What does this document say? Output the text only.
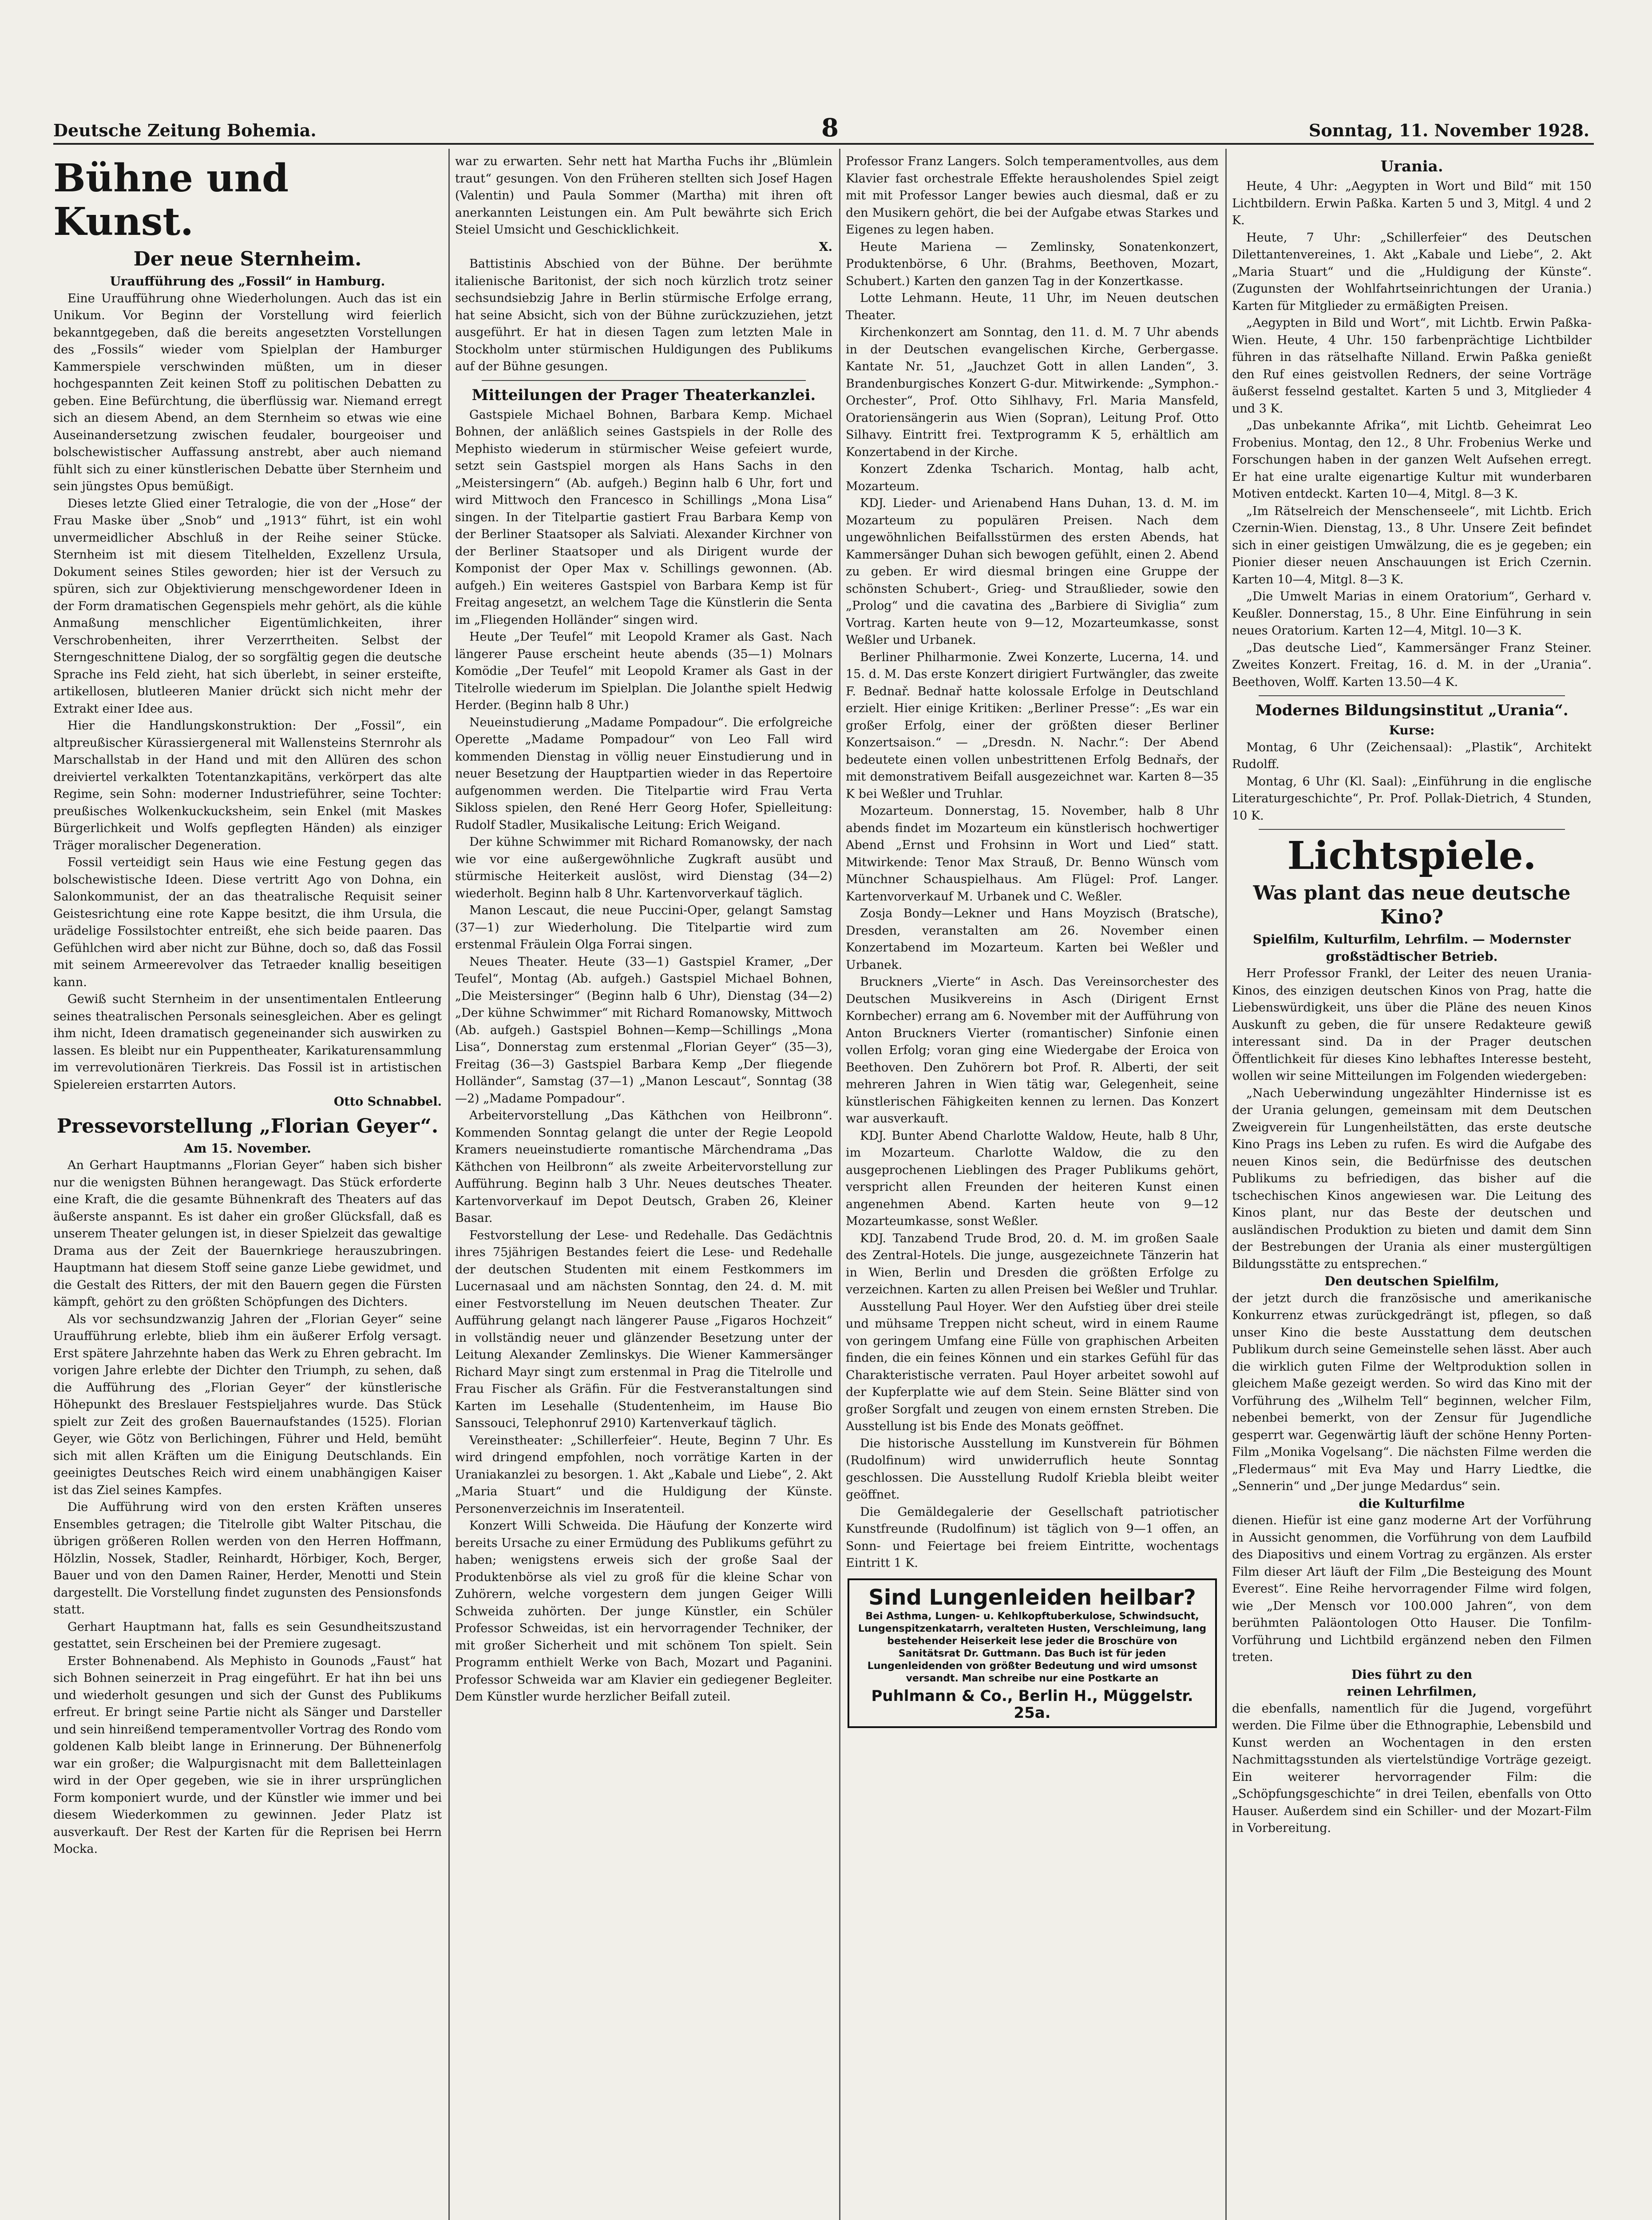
Deutsche Zeitung Bohemia.	8	Sonntag, 11. November 1928.
Bühne und Kunst.
Der neue Sternheim.
Uraufführung des „Fossil“ in Hamburg.

Eine Uraufführung ohne Wiederholungen. Auch das ist ein Unikum. Vor Beginn der Vorstellung wird feierlich bekanntgegeben, daß die bereits angesetzten Vorstellungen des „Fossils“ wieder vom Spielplan der Hamburger Kammerspiele verschwinden müßten, um in dieser hochgespannten Zeit keinen Stoff zu politischen Debatten zu geben. Eine Befürchtung, die überflüssig war. Niemand erregt sich an diesem Abend, an dem Sternheim so etwas wie eine Auseinandersetzung zwischen feudaler, bourgeoiser und bolschewistischer Auffassung anstrebt, aber auch niemand fühlt sich zu einer künstlerischen Debatte über Sternheim und sein jüngstes Opus bemüßigt.

Dieses letzte Glied einer Tetralogie, die von der „Hose“ der Frau Maske über „Snob“ und „1913“ führt, ist ein wohl unvermeidlicher Abschluß in der Reihe seiner Stücke. Sternheim ist mit diesem Titelhelden, Exzellenz Ursula, Dokument seines Stiles geworden; hier ist der Versuch zu spüren, sich zur Objektivierung menschgewordener Ideen in der Form dramatischen Gegenspiels mehr gehört, als die kühle Anmaßung menschlicher Eigentümlichkeiten, ihrer Verschrobenheiten, ihrer Verzerrtheiten. Selbst der Sterngeschnittene Dialog, der so sorgfältig gegen die deutsche Sprache ins Feld zieht, hat sich überlebt, in seiner ersteifte, artikellosen, blutleeren Manier drückt sich nicht mehr der Extrakt einer Idee aus.

Hier die Handlungskonstruktion: Der „Fossil“, ein altpreußischer Kürassiergeneral mit Wallensteins Sternrohr als Marschallstab in der Hand und mit den Allüren des schon dreiviertel verkalkten Totentanzkapitäns, verkörpert das alte Regime, sein Sohn: moderner Industrieführer, seine Tochter: preußisches Wolkenkuckucksheim, sein Enkel (mit Maskes Bürgerlichkeit und Wolfs gepflegten Händen) als einziger Träger moralischer Degeneration.

Fossil verteidigt sein Haus wie eine Festung gegen das bolschewistische Ideen. Diese vertritt Ago von Dohna, ein Salonkommunist, der an das theatralische Requisit seiner Geistesrichtung eine rote Kappe besitzt, die ihm Ursula, die urädelige Fossilstochter entreißt, ehe sich beide paaren. Das Gefühlchen wird aber nicht zur Bühne, doch so, daß das Fossil mit seinem Armeerevolver das Tetraeder knallig beseitigen kann.

Gewiß sucht Sternheim in der unsentimentalen Entleerung seines theatralischen Personals seinesgleichen. Aber es gelingt ihm nicht, Ideen dramatisch gegeneinander sich auswirken zu lassen. Es bleibt nur ein Puppentheater, Karikaturensammlung im verrevolutionären Tierkreis. Das Fossil ist in artistischen Spielereien erstarrten Autors.

Otto Schnabbel.
Pressevorstellung „Florian Geyer“.
Am 15. November.

An Gerhart Hauptmanns „Florian Geyer“ haben sich bisher nur die wenigsten Bühnen herangewagt. Das Stück erforderte eine Kraft, die die gesamte Bühnenkraft des Theaters auf das äußerste anspannt. Es ist daher ein großer Glücksfall, daß es unserem Theater gelungen ist, in dieser Spielzeit das gewaltige Drama aus der Zeit der Bauernkriege herauszubringen. Hauptmann hat diesem Stoff seine ganze Liebe gewidmet, und die Gestalt des Ritters, der mit den Bauern gegen die Fürsten kämpft, gehört zu den größten Schöpfungen des Dichters.

Als vor sechsundzwanzig Jahren der „Florian Geyer“ seine Uraufführung erlebte, blieb ihm ein äußerer Erfolg versagt. Erst spätere Jahrzehnte haben das Werk zu Ehren gebracht. Im vorigen Jahre erlebte der Dichter den Triumph, zu sehen, daß die Aufführung des „Florian Geyer“ der künstlerische Höhepunkt des Breslauer Festspieljahres wurde. Das Stück spielt zur Zeit des großen Bauernaufstandes (1525). Florian Geyer, wie Götz von Berlichingen, Führer und Held, bemüht sich mit allen Kräften um die Einigung Deutschlands. Ein geeinigtes Deutsches Reich wird einem unabhängigen Kaiser ist das Ziel seines Kampfes.

Die Aufführung wird von den ersten Kräften unseres Ensembles getragen; die Titelrolle gibt Walter Pitschau, die übrigen größeren Rollen werden von den Herren Hoffmann, Hölzlin, Nossek, Stadler, Reinhardt, Hörbiger, Koch, Berger, Bauer und von den Damen Rainer, Herder, Menotti und Stein dargestellt. Die Vorstellung findet zugunsten des Pensionsfonds statt.

Gerhart Hauptmann hat, falls es sein Gesundheitszustand gestattet, sein Erscheinen bei der Premiere zugesagt.

Erster Bohnenabend. Als Mephisto in Gounods „Faust“ hat sich Bohnen seinerzeit in Prag eingeführt. Er hat ihn bei uns und wiederholt gesungen und sich der Gunst des Publikums erfreut. Er bringt seine Partie nicht als Sänger und Darsteller und sein hinreißend temperamentvoller Vortrag des Rondo vom goldenen Kalb bleibt lange in Erinnerung. Der Bühnenerfolg war ein großer; die Walpurgisnacht mit dem Balletteinlagen wird in der Oper gegeben, wie sie in ihrer ursprünglichen Form komponiert wurde, und der Künstler wie immer und bei diesem Wiederkommen zu gewinnen. Jeder Platz ist ausverkauft. Der Rest der Karten für die Reprisen bei Herrn Mocka.

war zu erwarten. Sehr nett hat Martha Fuchs ihr „Blümlein traut“ gesungen. Von den Früheren stellten sich Josef Hagen (Valentin) und Paula Sommer (Martha) mit ihren oft anerkannten Leistungen ein. Am Pult bewährte sich Erich Steiel Umsicht und Geschicklichkeit.

X.

Battistinis Abschied von der Bühne. Der berühmte italienische Baritonist, der sich noch kürzlich trotz seiner sechsundsiebzig Jahre in Berlin stürmische Erfolge errang, hat seine Absicht, sich von der Bühne zurückzuziehen, jetzt ausgeführt. Er hat in diesen Tagen zum letzten Male in Stockholm unter stürmischen Huldigungen des Publikums auf der Bühne gesungen.

Mitteilungen der Prager Theaterkanzlei.

Gastspiele Michael Bohnen, Barbara Kemp. Michael Bohnen, der anläßlich seines Gastspiels in der Rolle des Mephisto wiederum in stürmischer Weise gefeiert wurde, setzt sein Gastspiel morgen als Hans Sachs in den „Meistersingern“ (Ab. aufgeh.) Beginn halb 6 Uhr, fort und wird Mittwoch den Francesco in Schillings „Mona Lisa“ singen. In der Titelpartie gastiert Frau Barbara Kemp von der Berliner Staatsoper als Salviati. Alexander Kirchner von der Berliner Staatsoper und als Dirigent wurde der Komponist der Oper Max v. Schillings gewonnen. (Ab. aufgeh.) Ein weiteres Gastspiel von Barbara Kemp ist für Freitag angesetzt, an welchem Tage die Künstlerin die Senta im „Fliegenden Holländer“ singen wird.

Heute „Der Teufel“ mit Leopold Kramer als Gast. Nach längerer Pause erscheint heute abends (35—1) Molnars Komödie „Der Teufel“ mit Leopold Kramer als Gast in der Titelrolle wiederum im Spielplan. Die Jolanthe spielt Hedwig Herder. (Beginn halb 8 Uhr.)

Neueinstudierung „Madame Pompadour“. Die erfolgreiche Operette „Madame Pompadour“ von Leo Fall wird kommenden Dienstag in völlig neuer Einstudierung und in neuer Besetzung der Hauptpartien wieder in das Repertoire aufgenommen werden. Die Titelpartie wird Frau Verta Sikloss spielen, den René Herr Georg Hofer, Spielleitung: Rudolf Stadler, Musikalische Leitung: Erich Weigand.

Der kühne Schwimmer mit Richard Romanowsky, der nach wie vor eine außergewöhnliche Zugkraft ausübt und stürmische Heiterkeit auslöst, wird Dienstag (34—2) wiederholt. Beginn halb 8 Uhr. Kartenvorverkauf täglich.

Manon Lescaut, die neue Puccini-Oper, gelangt Samstag (37—1) zur Wiederholung. Die Titelpartie wird zum erstenmal Fräulein Olga Forrai singen.

Neues Theater. Heute (33—1) Gastspiel Kramer, „Der Teufel“, Montag (Ab. aufgeh.) Gastspiel Michael Bohnen, „Die Meistersinger“ (Beginn halb 6 Uhr), Dienstag (34—2) „Der kühne Schwimmer“ mit Richard Romanowsky, Mittwoch (Ab. aufgeh.) Gastspiel Bohnen—Kemp—Schillings „Mona Lisa“, Donnerstag zum erstenmal „Florian Geyer“ (35—3), Freitag (36—3) Gastspiel Barbara Kemp „Der fliegende Holländer“, Samstag (37—1) „Manon Lescaut“, Sonntag (38—2) „Madame Pompadour“.

Arbeitervorstellung „Das Käthchen von Heilbronn“. Kommenden Sonntag gelangt die unter der Regie Leopold Kramers neueinstudierte romantische Märchendrama „Das Käthchen von Heilbronn“ als zweite Arbeitervorstellung zur Aufführung. Beginn halb 3 Uhr. Neues deutsches Theater. Kartenvorverkauf im Depot Deutsch, Graben 26, Kleiner Basar.

Festvorstellung der Lese- und Redehalle. Das Gedächtnis ihres 75jährigen Bestandes feiert die Lese- und Redehalle der deutschen Studenten mit einem Festkommers im Lucernasaal und am nächsten Sonntag, den 24. d. M. mit einer Festvorstellung im Neuen deutschen Theater. Zur Aufführung gelangt nach längerer Pause „Figaros Hochzeit“ in vollständig neuer und glänzender Besetzung unter der Leitung Alexander Zemlinskys. Die Wiener Kammersänger Richard Mayr singt zum erstenmal in Prag die Titelrolle und Frau Fischer als Gräfin. Für die Festveranstaltungen sind Karten im Lesehalle (Studentenheim, im Hause Bio Sanssouci, Telephonruf 2910) Kartenverkauf täglich.

Vereinstheater: „Schillerfeier“. Heute, Beginn 7 Uhr. Es wird dringend empfohlen, noch vorrätige Karten in der Uraniakanzlei zu besorgen. 1. Akt „Kabale und Liebe“, 2. Akt „Maria Stuart“ und die Huldigung der Künste. Personenverzeichnis im Inseratenteil.

Konzert Willi Schweida. Die Häufung der Konzerte wird bereits Ursache zu einer Ermüdung des Publikums geführt zu haben; wenigstens erweis sich der große Saal der Produktenbörse als viel zu groß für die kleine Schar von Zuhörern, welche vorgestern dem jungen Geiger Willi Schweida zuhörten. Der junge Künstler, ein Schüler Professor Schweidas, ist ein hervorragender Techniker, der mit großer Sicherheit und mit schönem Ton spielt. Sein Programm enthielt Werke von Bach, Mozart und Paganini. Professor Schweida war am Klavier ein gediegener Begleiter. Dem Künstler wurde herzlicher Beifall zuteil.

Professor Franz Langers. Solch temperamentvolles, aus dem Klavier fast orchestrale Effekte herausholendes Spiel zeigt mit mit Professor Langer bewies auch diesmal, daß er zu den Musikern gehört, die bei der Aufgabe etwas Starkes und Eigenes zu legen haben.

Heute Mariena — Zemlinsky, Sonatenkonzert, Produktenbörse, 6 Uhr. (Brahms, Beethoven, Mozart, Schubert.) Karten den ganzen Tag in der Konzertkasse.

Lotte Lehmann. Heute, 11 Uhr, im Neuen deutschen Theater.

Kirchenkonzert am Sonntag, den 11. d. M. 7 Uhr abends in der Deutschen evangelischen Kirche, Gerbergasse. Kantate Nr. 51, „Jauchzet Gott in allen Landen“, 3. Brandenburgisches Konzert G-dur. Mitwirkende: „Symphon.-Orchester“, Prof. Otto Sihlhavy, Frl. Maria Mansfeld, Oratoriensängerin aus Wien (Sopran), Leitung Prof. Otto Silhavy. Eintritt frei. Textprogramm K 5, erhältlich am Konzertabend in der Kirche.

Konzert Zdenka Tscharich. Montag, halb acht, Mozarteum.

KDJ. Lieder- und Arienabend Hans Duhan, 13. d. M. im Mozarteum zu populären Preisen. Nach dem ungewöhnlichen Beifallsstürmen des ersten Abends, hat Kammersänger Duhan sich bewogen gefühlt, einen 2. Abend zu geben. Er wird diesmal bringen eine Gruppe der schönsten Schubert-, Grieg- und Straußlieder, sowie den „Prolog“ und die cavatina des „Barbiere di Siviglia“ zum Vortrag. Karten heute von 9—12, Mozarteumkasse, sonst Weßler und Urbanek.

Berliner Philharmonie. Zwei Konzerte, Lucerna, 14. und 15. d. M. Das erste Konzert dirigiert Furtwängler, das zweite F. Bednař. Bednař hatte kolossale Erfolge in Deutschland erzielt. Hier einige Kritiken: „Berliner Presse“: „Es war ein großer Erfolg, einer der größten dieser Berliner Konzertsaison.“ — „Dresdn. N. Nachr.“: Der Abend bedeutete einen vollen unbestrittenen Erfolg Bednařs, der mit demonstrativem Beifall ausgezeichnet war. Karten 8—35 K bei Weßler und Truhlar.

Mozarteum. Donnerstag, 15. November, halb 8 Uhr abends findet im Mozarteum ein künstlerisch hochwertiger Abend „Ernst und Frohsinn in Wort und Lied“ statt. Mitwirkende: Tenor Max Strauß, Dr. Benno Wünsch vom Münchner Schauspielhaus. Am Flügel: Prof. Langer. Kartenvorverkauf M. Urbanek und C. Weßler.

Zosja Bondy—Lekner und Hans Moyzisch (Bratsche), Dresden, veranstalten am 26. November einen Konzertabend im Mozarteum. Karten bei Weßler und Urbanek.

Bruckners „Vierte“ in Asch. Das Vereinsorchester des Deutschen Musikvereins in Asch (Dirigent Ernst Kornbecher) errang am 6. November mit der Aufführung von Anton Bruckners Vierter (romantischer) Sinfonie einen vollen Erfolg; voran ging eine Wiedergabe der Eroica von Beethoven. Den Zuhörern bot Prof. R. Alberti, der seit mehreren Jahren in Wien tätig war, Gelegenheit, seine künstlerischen Fähigkeiten kennen zu lernen. Das Konzert war ausverkauft.

KDJ. Bunter Abend Charlotte Waldow, Heute, halb 8 Uhr, im Mozarteum. Charlotte Waldow, die zu den ausgeprochenen Lieblingen des Prager Publikums gehört, verspricht allen Freunden der heiteren Kunst einen angenehmen Abend. Karten heute von 9—12 Mozarteumkasse, sonst Weßler.

KDJ. Tanzabend Trude Brod, 20. d. M. im großen Saale des Zentral-Hotels. Die junge, ausgezeichnete Tänzerin hat in Wien, Berlin und Dresden die größten Erfolge zu verzeichnen. Karten zu allen Preisen bei Weßler und Truhlar.

Ausstellung Paul Hoyer. Wer den Aufstieg über drei steile und mühsame Treppen nicht scheut, wird in einem Raume von geringem Umfang eine Fülle von graphischen Arbeiten finden, die ein feines Können und ein starkes Gefühl für das Charakteristische verraten. Paul Hoyer arbeitet sowohl auf der Kupferplatte wie auf dem Stein. Seine Blätter sind von großer Sorgfalt und zeugen von einem ernsten Streben. Die Ausstellung ist bis Ende des Monats geöffnet.

Die historische Ausstellung im Kunstverein für Böhmen (Rudolfinum) wird unwiderruflich heute Sonntag geschlossen. Die Ausstellung Rudolf Kriebla bleibt weiter geöffnet.

Die Gemäldegalerie der Gesellschaft patriotischer Kunstfreunde (Rudolfinum) ist täglich von 9—1 offen, an Sonn- und Feiertage bei freiem Eintritte, wochentags Eintritt 1 K.

Sind Lungenleiden heilbar?
Bei Asthma, Lungen- u. Kehlkopftuberkulose, Schwindsucht, Lungenspitzenkatarrh, veralteten Husten, Verschleimung, lang bestehender Heiserkeit lese jeder die Broschüre von Sanitätsrat Dr. Guttmann. Das Buch ist für jeden Lungenleidenden von größter Bedeutung und wird umsonst versandt. Man schreibe nur eine Postkarte an
Puhlmann & Co., Berlin H., Müggelstr. 25a.
Urania.

Heute, 4 Uhr: „Aegypten in Wort und Bild“ mit 150 Lichtbildern. Erwin Paßka. Karten 5 und 3, Mitgl. 4 und 2 K.

Heute, 7 Uhr: „Schillerfeier“ des Deutschen Dilettantenvereines, 1. Akt „Kabale und Liebe“, 2. Akt „Maria Stuart“ und die „Huldigung der Künste“. (Zugunsten der Wohlfahrtseinrichtungen der Urania.) Karten für Mitglieder zu ermäßigten Preisen.

„Aegypten in Bild und Wort“, mit Lichtb. Erwin Paßka-Wien. Heute, 4 Uhr. 150 farbenprächtige Lichtbilder führen in das rätselhafte Nilland. Erwin Paßka genießt den Ruf eines geistvollen Redners, der seine Vorträge äußerst fesselnd gestaltet. Karten 5 und 3, Mitglieder 4 und 3 K.

„Das unbekannte Afrika“, mit Lichtb. Geheimrat Leo Frobenius. Montag, den 12., 8 Uhr. Frobenius Werke und Forschungen haben in der ganzen Welt Aufsehen erregt. Er hat eine uralte eigenartige Kultur mit wunderbaren Motiven entdeckt. Karten 10—4, Mitgl. 8—3 K.

„Im Rätselreich der Menschenseele“, mit Lichtb. Erich Czernin-Wien. Dienstag, 13., 8 Uhr. Unsere Zeit befindet sich in einer geistigen Umwälzung, die es je gegeben; ein Pionier dieser neuen Anschauungen ist Erich Czernin. Karten 10—4, Mitgl. 8—3 K.

„Die Umwelt Marias in einem Oratorium“, Gerhard v. Keußler. Donnerstag, 15., 8 Uhr. Eine Einführung in sein neues Oratorium. Karten 12—4, Mitgl. 10—3 K.

„Das deutsche Lied“, Kammersänger Franz Steiner. Zweites Konzert. Freitag, 16. d. M. in der „Urania“. Beethoven, Wolff. Karten 13.50—4 K.

Modernes Bildungsinstitut „Urania“.
Kurse:

Montag, 6 Uhr (Zeichensaal): „Plastik“, Architekt Rudolff.

Montag, 6 Uhr (Kl. Saal): „Einführung in die englische Literaturgeschichte“, Pr. Prof. Pollak-Dietrich, 4 Stunden, 10 K.

Lichtspiele.
Was plant das neue deutsche Kino?
Spielfilm, Kulturfilm, Lehrfilm. — Modernster großstädtischer Betrieb.

Herr Professor Frankl, der Leiter des neuen Urania-Kinos, des einzigen deutschen Kinos von Prag, hatte die Liebenswürdigkeit, uns über die Pläne des neuen Kinos Auskunft zu geben, die für unsere Redakteure gewiß interessant sind. Da in der Prager deutschen Öffentlichkeit für dieses Kino lebhaftes Interesse besteht, wollen wir seine Mitteilungen im Folgenden wiedergeben:

„Nach Ueberwindung ungezählter Hindernisse ist es der Urania gelungen, gemeinsam mit dem Deutschen Zweigverein für Lungenheilstätten, das erste deutsche Kino Prags ins Leben zu rufen. Es wird die Aufgabe des neuen Kinos sein, die Bedürfnisse des deutschen Publikums zu befriedigen, das bisher auf die tschechischen Kinos angewiesen war. Die Leitung des Kinos plant, nur das Beste der deutschen und ausländischen Produktion zu bieten und damit dem Sinn der Bestrebungen der Urania als einer mustergültigen Bildungsstätte zu entsprechen.“

Den deutschen Spielfilm,

der jetzt durch die französische und amerikanische Konkurrenz etwas zurückgedrängt ist, pflegen, so daß unser Kino die beste Ausstattung dem deutschen Publikum durch seine Gemeinstelle sehen lässt. Aber auch die wirklich guten Filme der Weltproduktion sollen in gleichem Maße gezeigt werden. So wird das Kino mit der Vorführung des „Wilhelm Tell“ beginnen, welcher Film, nebenbei bemerkt, von der Zensur für Jugendliche gesperrt war. Gegenwärtig läuft der schöne Henny Porten-Film „Monika Vogelsang“. Die nächsten Filme werden die „Fledermaus“ mit Eva May und Harry Liedtke, die „Sennerin“ und „Der junge Medardus“ sein.

die Kulturfilme

dienen. Hiefür ist eine ganz moderne Art der Vorführung in Aussicht genommen, die Vorführung von dem Laufbild des Diapositivs und einem Vortrag zu ergänzen. Als erster Film dieser Art läuft der Film „Die Besteigung des Mount Everest“. Eine Reihe hervorragender Filme wird folgen, wie „Der Mensch vor 100.000 Jahren“, von dem berühmten Paläontologen Otto Hauser. Die Tonfilm-Vorführung und Lichtbild ergänzend neben den Filmen treten.

Dies führt zu den
reinen Lehrfilmen,

die ebenfalls, namentlich für die Jugend, vorgeführt werden. Die Filme über die Ethnographie, Lebensbild und Kunst werden an Wochentagen in den ersten Nachmittagsstunden als viertelstündige Vorträge gezeigt. Ein weiterer hervorragender Film: die „Schöpfungsgeschichte“ in drei Teilen, ebenfalls von Otto Hauser. Außerdem sind ein Schiller- und der Mozart-Film in Vorbereitung.
